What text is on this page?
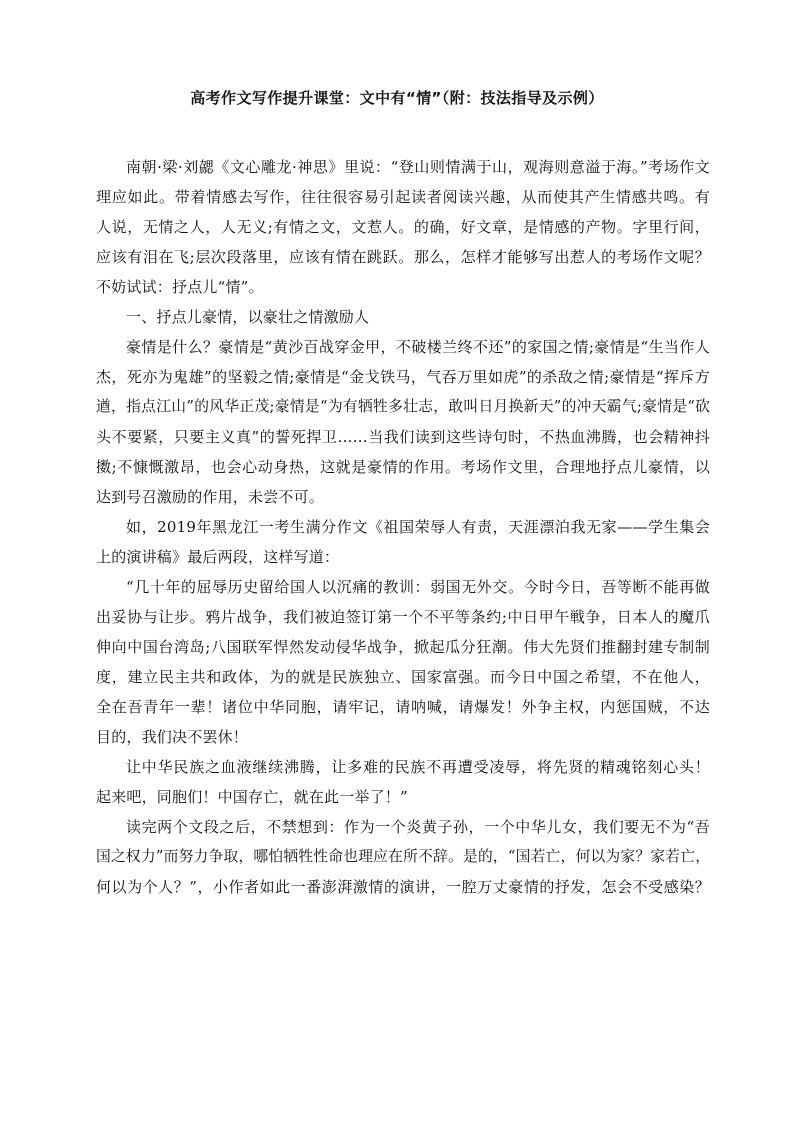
高考作文写作提升课堂：文中有“情”（附：技法指导及示例）
南朝·梁·刘勰《文心雕龙·神思》里说：“登山则情满于山，观海则意溢于海。”考场作文
理应如此。带着情感去写作，往往很容易引起读者阅读兴趣，从而使其产生情感共鸣。有
人说，无情之人，人无义;有情之文，文惹人。的确，好文章，是情感的产物。字里行间，
应该有泪在飞;层次段落里，应该有情在跳跃。那么，怎样才能够写出惹人的考场作文呢？
不妨试试：抒点儿“情”。
一、抒点儿豪情，以豪壮之情激励人
豪情是什么？豪情是“黄沙百战穿金甲，不破楼兰终不还”的家国之情;豪情是“生当作人
杰，死亦为鬼雄”的坚毅之情;豪情是“金戈铁马，气吞万里如虎”的杀敌之情;豪情是“挥斥方
遒，指点江山”的风华正茂;豪情是“为有牺牲多壮志，敢叫日月换新天”的冲天霸气;豪情是“砍
头不要紧，只要主义真”的誓死捍卫……当我们读到这些诗句时，不热血沸腾，也会精神抖
擞;不慷慨激昂，也会心动身热，这就是豪情的作用。考场作文里，合理地抒点儿豪情，以
达到号召激励的作用，未尝不可。
如，2019年黑龙江一考生满分作文《祖国荣辱人有责，天涯漂泊我无家——学生集会
上的演讲稿》最后两段，这样写道：
“几十年的屈辱历史留给国人以沉痛的教训：弱国无外交。今时今日，吾等断不能再做
出妥协与让步。鸦片战争，我们被迫签订第一个不平等条约;中日甲午戦争，日本人的魔爪
伸向中国台湾岛;八国联军悍然发动侵华战争，掀起瓜分狂潮。伟大先贤们推翻封建专制制
度，建立民主共和政体，为的就是民族独立、国家富强。而今日中国之希望，不在他人，
全在吾青年一辈！诸位中华同胞，请牢记，请呐喊，请爆发！外争主权，内惩国贼，不达
目的，我们决不罢休！
让中华民族之血液继续沸腾，让多难的民族不再遭受凌辱，将先贤的精魂铭刻心头！
起来吧，同胞们！中国存亡，就在此一举了！”
读完两个文段之后，不禁想到：作为一个炎黄子孙，一个中华儿女，我们要无不为“吾
国之权力”而努力争取，哪怕牺牲性命也理应在所不辞。是的，“国若亡，何以为家？家若亡，
何以为个人？”，小作者如此一番澎湃激情的演讲，一腔万丈豪情的抒发，怎会不受感染？
